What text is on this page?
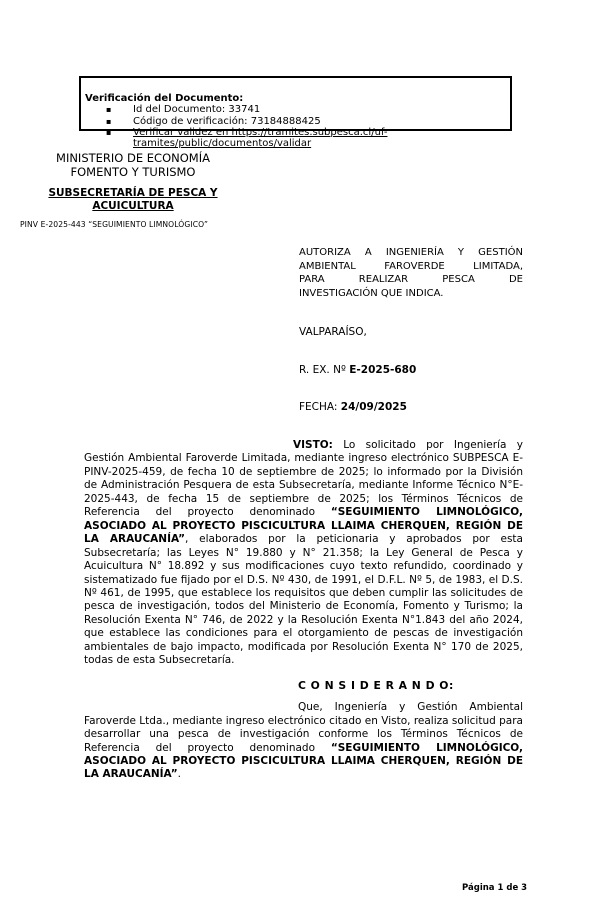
Verificación del Documento:
▪ Id del Documento: 33741
▪ Código de verificación: 73184888425
▪ Verificar validez en https://tramites.subpesca.cl/uf-tramites/public/documentos/validar
MINISTERIO DE ECONOMÍA
FOMENTO Y TURISMO
SUBSECRETARÍA DE PESCA Y
ACUICULTURA
PINV E-2025-443 “SEGUIMIENTO LIMNOLÓGICO”
AUTORIZA A INGENIERÍA Y GESTIÓN
AMBIENTAL FAROVERDE LIMITADA,
PARA REALIZAR PESCA DE
INVESTIGACIÓN QUE INDICA.
VALPARAÍSO,
R. EX. Nº E-2025-680
FECHA: 24/09/2025

VISTO: Lo solicitado por Ingeniería y Gestión Ambiental Faroverde Limitada, mediante ingreso electrónico SUBPESCA E-PINV-2025-459, de fecha 10 de septiembre de 2025; lo informado por la División de Administración Pesquera de esta Subsecretaría, mediante Informe Técnico N°E-2025-443, de fecha 15 de septiembre de 2025; los Términos Técnicos de Referencia del proyecto denominado “SEGUIMIENTO LIMNOLÓGICO, ASOCIADO AL PROYECTO PISCICULTURA LLAIMA CHERQUEN, REGIÓN DE LA ARAUCANÍA”, elaborados por la peticionaria y aprobados por esta Subsecretaría; las Leyes N° 19.880 y N° 21.358; la Ley General de Pesca y Acuicultura N° 18.892 y sus modificaciones cuyo texto refundido, coordinado y sistematizado fue fijado por el D.S. Nº 430, de 1991, el D.F.L. Nº 5, de 1983, el D.S. Nº 461, de 1995, que establece los requisitos que deben cumplir las solicitudes de pesca de investigación, todos del Ministerio de Economía, Fomento y Turismo; la Resolución Exenta N° 746, de 2022 y la Resolución Exenta N°1.843 del año 2024, que establece las condiciones para el otorgamiento de pescas de investigación ambientales de bajo impacto, modificada por Resolución Exenta N° 170 de 2025, todas de esta Subsecretaría.

C O N S I D E R A N D O:

Que, Ingeniería y Gestión Ambiental Faroverde Ltda., mediante ingreso electrónico citado en Visto, realiza solicitud para desarrollar una pesca de investigación conforme los Términos Técnicos de Referencia del proyecto denominado “SEGUIMIENTO LIMNOLÓGICO, ASOCIADO AL PROYECTO PISCICULTURA LLAIMA CHERQUEN, REGIÓN DE LA ARAUCANÍA”.

Página 1 de 3
